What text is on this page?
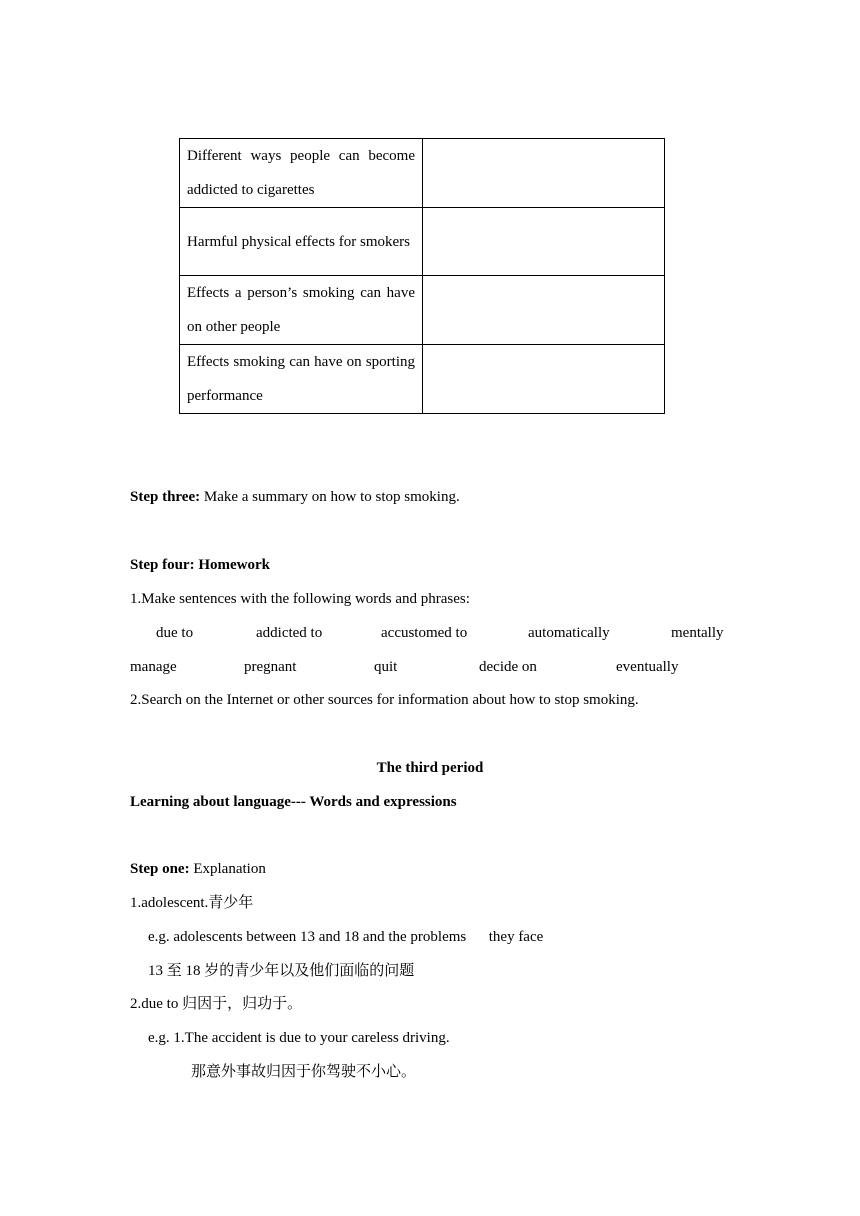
Different ways people can become addicted to cigarettes	
Harmful physical effects for smokers	
Effects a person’s smoking can have on other people	
Effects smoking can have on sporting performance	
Step three: Make a summary on how to stop smoking.
Step four: Homework
1.Make sentences with the following words and phrases:
due to	addicted to	accustomed to	automatically	mentally
manage	pregnant	quit	decide on	eventually
2.Search on the Internet or other sources for information about how to stop smoking.
The third period
Learning about language--- Words and expressions
Step one: Explanation
1.adolescent.青少年
e.g. adolescents between 13 and 18 and the problems      they face
13 至 18 岁的青少年以及他们面临的问题
2.due to 归因于，归功于。
e.g. 1.The accident is due to your careless driving.
那意外事故归因于你驾驶不小心。
